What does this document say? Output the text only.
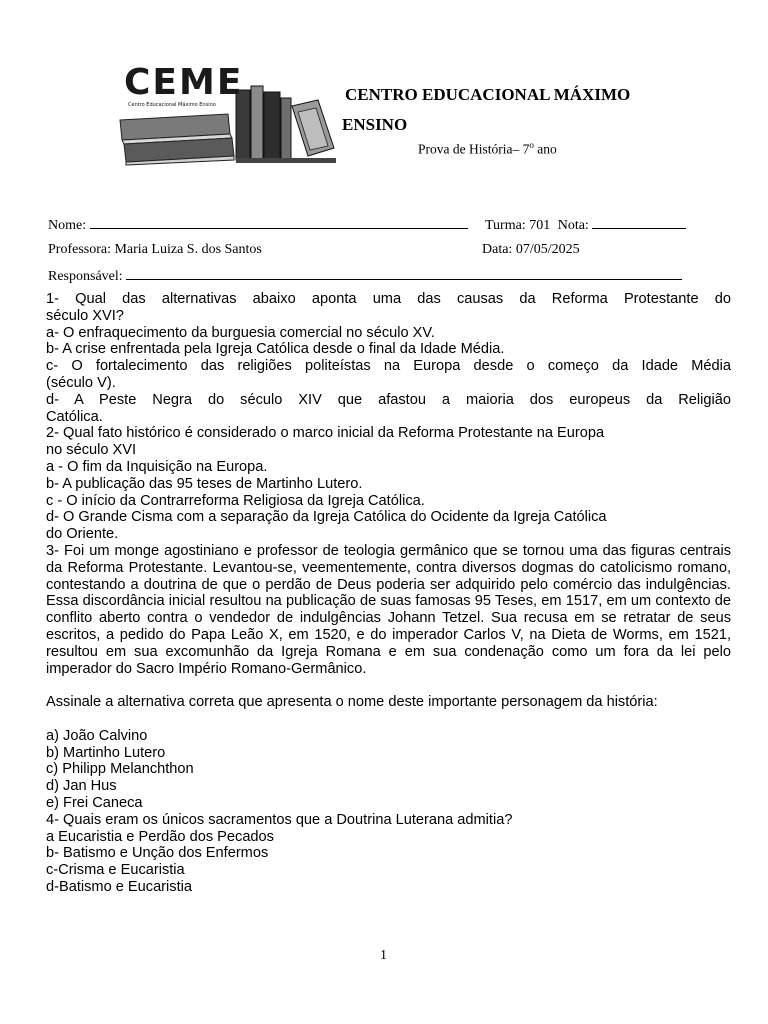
CEME
Centro Educacional Máximo Ensino
CENTRO EDUCACIONAL MÁXIMO
ENSINO
Prova de História– 7$^o$ ano
Nome:	Turma: 701 Nota:
Professora: Maria Luiza S. dos Santos	Data: 07/05/2025
Responsável:

1- Qual das alternativas abaixo aponta uma das causas da Reforma Protestante do

século XVI?

a- O enfraquecimento da burguesia comercial no século XV.

b- A crise enfrentada pela Igreja Católica desde o final da Idade Média.

c- O fortalecimento das religiões politeístas na Europa desde o começo da Idade Média

(século V).

d- A Peste Negra do século XIV que afastou a maioria dos europeus da Religião

Católica.

2- Qual fato histórico é considerado o marco inicial da Reforma Protestante na Europa

no século XVI

a - O fim da Inquisição na Europa.

b- A publicação das 95 teses de Martinho Lutero.

c - O início da Contrarreforma Religiosa da Igreja Católica.

d- O Grande Cisma com a separação da Igreja Católica do Ocidente da Igreja Católica

do Oriente.

3- Foi um monge agostiniano e professor de teologia germânico que se tornou uma das figuras centrais da Reforma Protestante. Levantou-se, veementemente, contra diversos dogmas do catolicismo romano, contestando a doutrina de que o perdão de Deus poderia ser adquirido pelo comércio das indulgências. Essa discordância inicial resultou na publicação de suas famosas 95 Teses, em 1517, em um contexto de conflito aberto contra o vendedor de indulgências Johann Tetzel. Sua recusa em se retratar de seus escritos, a pedido do Papa Leão X, em 1520, e do imperador Carlos V, na Dieta de Worms, em 1521, resultou em sua excomunhão da Igreja Romana e em sua condenação como um fora da lei pelo imperador do Sacro Império Romano-Germânico.

Assinale a alternativa correta que apresenta o nome deste importante personagem da história:

a) João Calvino

b) Martinho Lutero

c) Philipp Melanchthon

d) Jan Hus

e) Frei Caneca

4- Quais eram os únicos sacramentos que a Doutrina Luterana admitia?

a Eucaristia e Perdão dos Pecados

b- Batismo e Unção dos Enfermos

c-Crisma e Eucaristia

d-Batismo e Eucaristia

1
